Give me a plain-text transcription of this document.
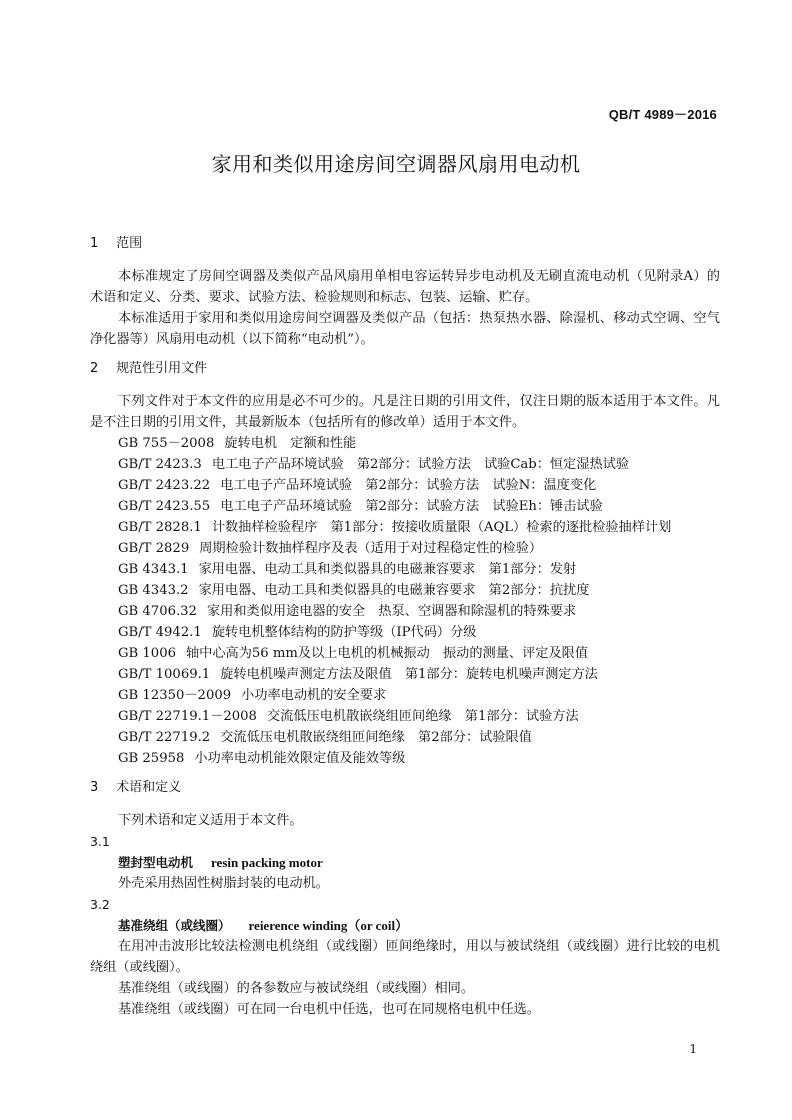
QB/T 4989－2016
家用和类似用途房间空调器风扇用电动机
1 范围

本标准规定了房间空调器及类似产品风扇用单相电容运转异步电动机及无刷直流电动机（见附录A）的术语和定义、分类、要求、试验方法、检验规则和标志、包装、运输、贮存。

本标准适用于家用和类似用途房间空调器及类似产品（包括：热泵热水器、除湿机、移动式空调、空气净化器等）风扇用电动机（以下简称“电动机”）。

2 规范性引用文件

下列文件对于本文件的应用是必不可少的。凡是注日期的引用文件，仅注日期的版本适用于本文件。凡是不注日期的引用文件，其最新版本（包括所有的修改单）适用于本文件。

GB 755－2008 旋转电机　定额和性能
GB/T 2423.3 电工电子产品环境试验　第2部分：试验方法　试验Cab：恒定湿热试验
GB/T 2423.22 电工电子产品环境试验　第2部分：试验方法　试验N：温度变化
GB/T 2423.55 电工电子产品环境试验　第2部分：试验方法　试验Eh：锤击试验
GB/T 2828.1 计数抽样检验程序　第1部分：按接收质量限（AQL）检索的逐批检验抽样计划
GB/T 2829 周期检验计数抽样程序及表（适用于对过程稳定性的检验）
GB 4343.1 家用电器、电动工具和类似器具的电磁兼容要求　第1部分：发射
GB 4343.2 家用电器、电动工具和类似器具的电磁兼容要求　第2部分：抗扰度
GB 4706.32 家用和类似用途电器的安全　热泵、空调器和除湿机的特殊要求
GB/T 4942.1 旋转电机整体结构的防护等级（IP代码）分级
GB 1006 轴中心高为56 mm及以上电机的机械振动　振动的测量、评定及限值
GB/T 10069.1 旋转电机噪声测定方法及限值　第1部分：旋转电机噪声测定方法
GB 12350－2009 小功率电动机的安全要求
GB/T 22719.1－2008 交流低压电机散嵌绕组匝间绝缘　第1部分：试验方法
GB/T 22719.2 交流低压电机散嵌绕组匝间绝缘　第2部分：试验限值
GB 25958 小功率电动机能效限定值及能效等级
3 术语和定义

下列术语和定义适用于本文件。

3.1
塑封型电动机 resin packing motor

外壳采用热固性树脂封装的电动机。

3.2
基准绕组（或线圈） reierence winding（or coil）

在用冲击波形比较法检测电机绕组（或线圈）匝间绝缘时，用以与被试绕组（或线圈）进行比较的电机绕组（或线圈）。

基准绕组（或线圈）的各参数应与被试绕组（或线圈）相同。

基准绕组（或线圈）可在同一台电机中任选，也可在同规格电机中任选。

1
